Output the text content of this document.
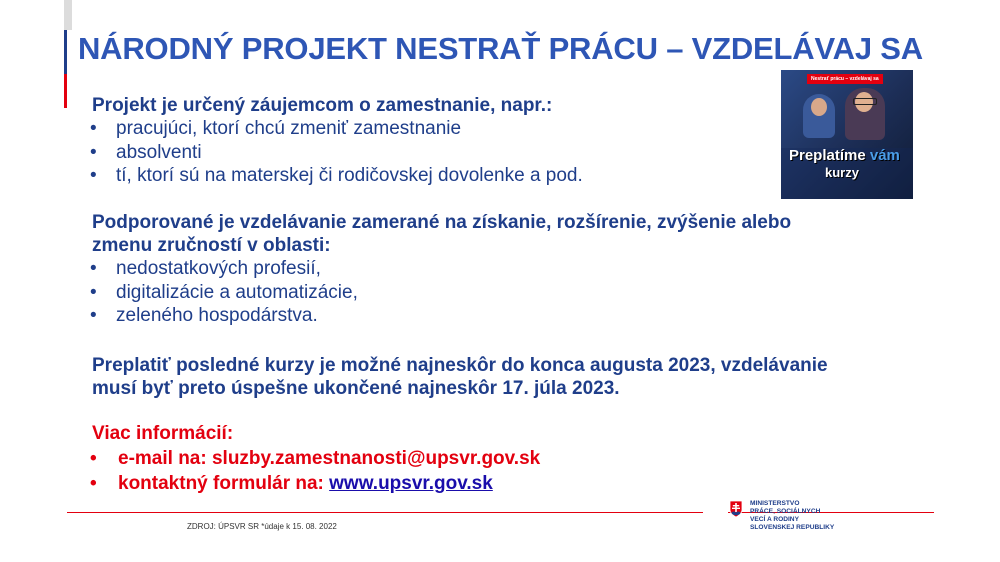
NÁRODNÝ PROJEKT NESTRAŤ PRÁCU – VZDELÁVAJ SA
Projekt je určený záujemcom o zamestnanie, napr.:
• pracujúci, ktorí chcú zmeniť zamestnanie
• absolventi
• tí, ktorí sú na materskej či rodičovskej dovolenke a pod.
Podporované je vzdelávanie zamerané na získanie, rozšírenie, zvýšenie alebo
zmenu zručností v oblasti:
• nedostatkových profesií,
• digitalizácie a automatizácie,
• zeleného hospodárstva.
Preplatiť posledné kurzy je možné najneskôr do konca augusta 2023, vzdelávanie
musí byť preto úspešne ukončené najneskôr 17. júla 2023.
Viac informácií:
• e-mail na: sluzby.zamestnanosti@upsvr.gov.sk
• kontaktný formulár na: www.upsvr.gov.sk
Nestrať prácu – vzdelávaj sa
Preplatíme vám
kurzy
ZDROJ: ÚPSVR SR *údaje k 15. 08. 2022
MINISTERSTVO
PRÁCE, SOCIÁLNYCH
VECÍ A RODINY
SLOVENSKEJ REPUBLIKY
